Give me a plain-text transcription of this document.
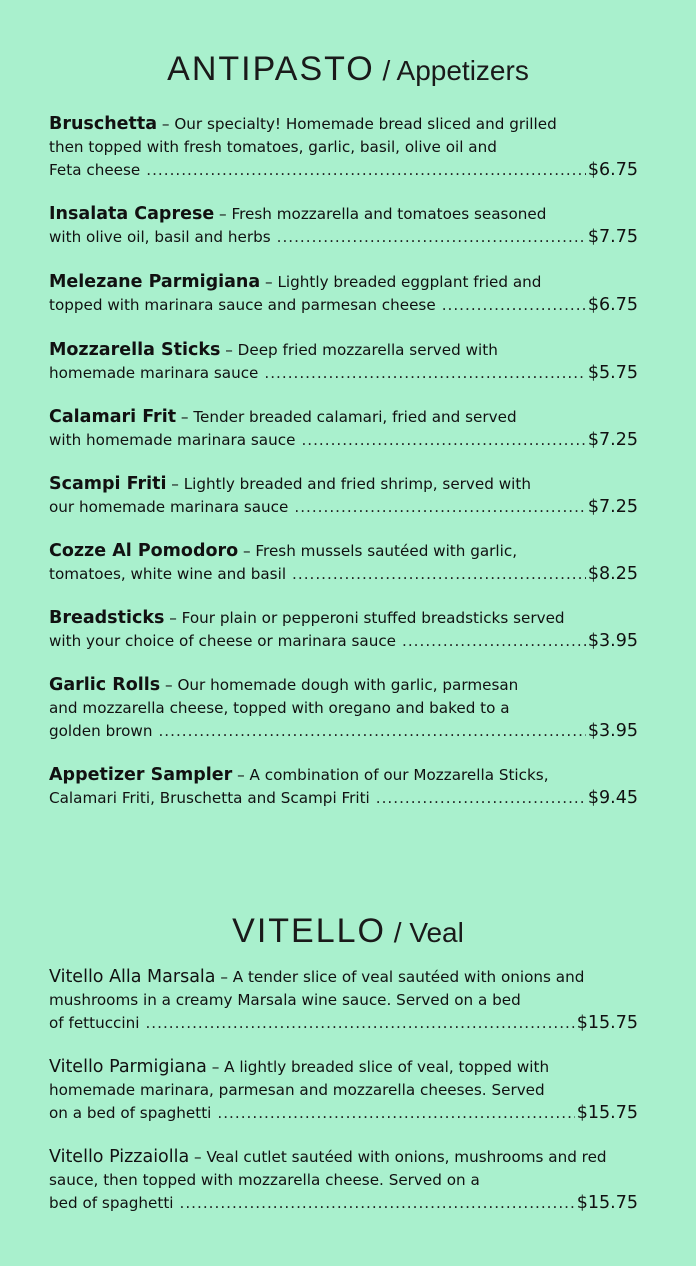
ANTIPASTO / Appetizers
Bruschetta – Our specialty! Homemade bread sliced and grilled
then topped with fresh tomatoes, garlic, basil, olive oil and
Feta cheese .....	$6.75
Insalata Caprese – Fresh mozzarella and tomatoes seasoned
with olive oil, basil and herbs .....	$7.75
Melezane Parmigiana – Lightly breaded eggplant fried and
topped with marinara sauce and parmesan cheese .....	$6.75
Mozzarella Sticks – Deep fried mozzarella served with
homemade marinara sauce .....	$5.75
Calamari Frit – Tender breaded calamari, fried and served
with homemade marinara sauce .....	$7.25
Scampi Friti – Lightly breaded and fried shrimp, served with
our homemade marinara sauce .....	$7.25
Cozze Al Pomodoro – Fresh mussels sautéed with garlic,
tomatoes, white wine and basil .....	$8.25
Breadsticks – Four plain or pepperoni stuffed breadsticks served
with your choice of cheese or marinara sauce .....	$3.95
Garlic Rolls – Our homemade dough with garlic, parmesan
and mozzarella cheese, topped with oregano and baked to a
golden brown .....	$3.95
Appetizer Sampler – A combination of our Mozzarella Sticks,
Calamari Friti, Bruschetta and Scampi Friti .....	$9.45
VITELLO / Veal
Vitello Alla Marsala – A tender slice of veal sautéed with onions and
mushrooms in a creamy Marsala wine sauce. Served on a bed
of fettuccini .....	$15.75
Vitello Parmigiana – A lightly breaded slice of veal, topped with
homemade marinara, parmesan and mozzarella cheeses. Served
on a bed of spaghetti .....	$15.75
Vitello Pizzaiolla – Veal cutlet sautéed with onions, mushrooms and red
sauce, then topped with mozzarella cheese. Served on a
bed of spaghetti .....	$15.75
